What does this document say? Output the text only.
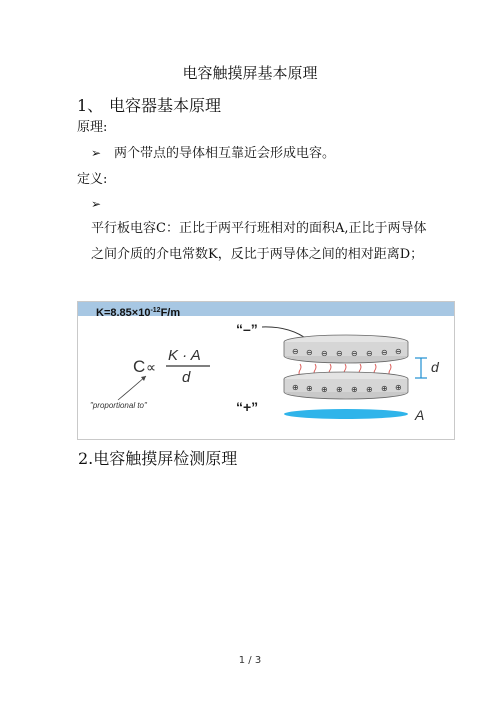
电容触摸屏基本原理
1、 电容器基本原理
原理:
➢ 两个带点的导体相互靠近会形成电容。
定义:
➢
平行板电容C：正比于两平行班相对的面积A,正比于两导体之间介质的介电常数K，反比于两导体之间的相对距离D；
$K=8.85\times 10^{-12}F/m$
C ∝
K · A
d
"proportional to"
“–”
“+”
⊖ ⊖ ⊖ ⊖ ⊖ ⊖ ⊖ ⊖
⊕ ⊕ ⊕ ⊕ ⊕ ⊕ ⊕ ⊕
d
A
2.电容触摸屏检测原理
1 / 3
